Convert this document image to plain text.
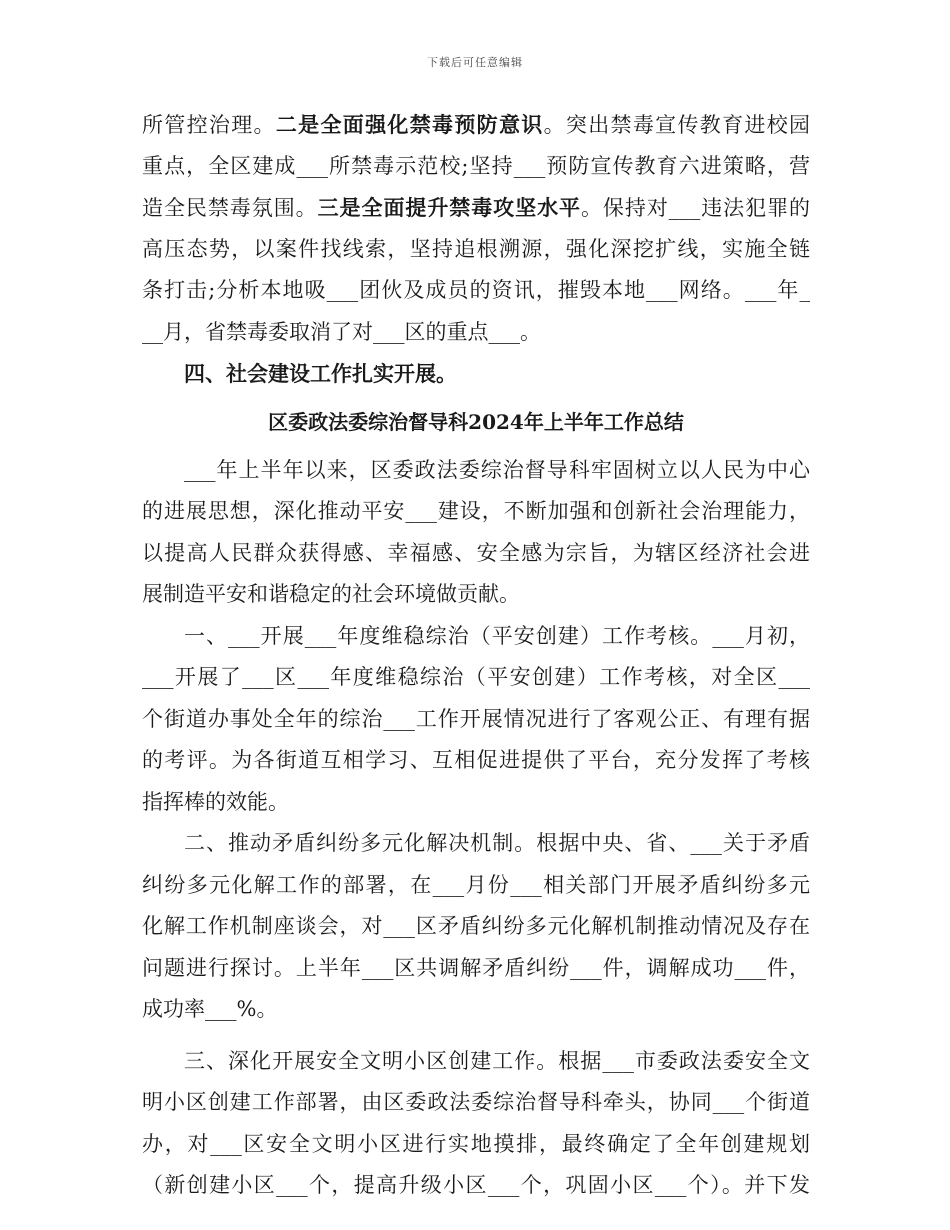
下载后可任意编辑
所管控治理。二是全面强化禁毒预防意识。突出禁毒宣传教育进校园
重点，全区建成___所禁毒示范校;坚持___预防宣传教育六进策略，营
造全民禁毒氛围。三是全面提升禁毒攻坚水平。保持对___违法犯罪的
高压态势，以案件找线索，坚持追根溯源，强化深挖扩线，实施全链
条打击;分析本地吸___团伙及成员的资讯，摧毁本地___网络。___年_
__月，省禁毒委取消了对___区的重点___。
四、社会建设工作扎实开展。
区委政法委综治督导科2024年上半年工作总结
___年上半年以来，区委政法委综治督导科牢固树立以人民为中心
的进展思想，深化推动平安___建设，不断加强和创新社会治理能力，
以提高人民群众获得感、幸福感、安全感为宗旨，为辖区经济社会进
展制造平安和谐稳定的社会环境做贡献。
一、___开展___年度维稳综治（平安创建）工作考核。___月初，
___开展了___区___年度维稳综治（平安创建）工作考核，对全区___
个街道办事处全年的综治___工作开展情况进行了客观公正、有理有据
的考评。为各街道互相学习、互相促进提供了平台，充分发挥了考核
指挥棒的效能。
二、推动矛盾纠纷多元化解决机制。根据中央、省、___关于矛盾
纠纷多元化解工作的部署，在___月份___相关部门开展矛盾纠纷多元
化解工作机制座谈会，对___区矛盾纠纷多元化解机制推动情况及存在
问题进行探讨。上半年___区共调解矛盾纠纷___件，调解成功___件，
成功率___%。
三、深化开展安全文明小区创建工作。根据___市委政法委安全文
明小区创建工作部署，由区委政法委综治督导科牵头，协同___个街道
办，对___区安全文明小区进行实地摸排，最终确定了全年创建规划
（新创建小区___个，提高升级小区___个，巩固小区___个）。并下发
